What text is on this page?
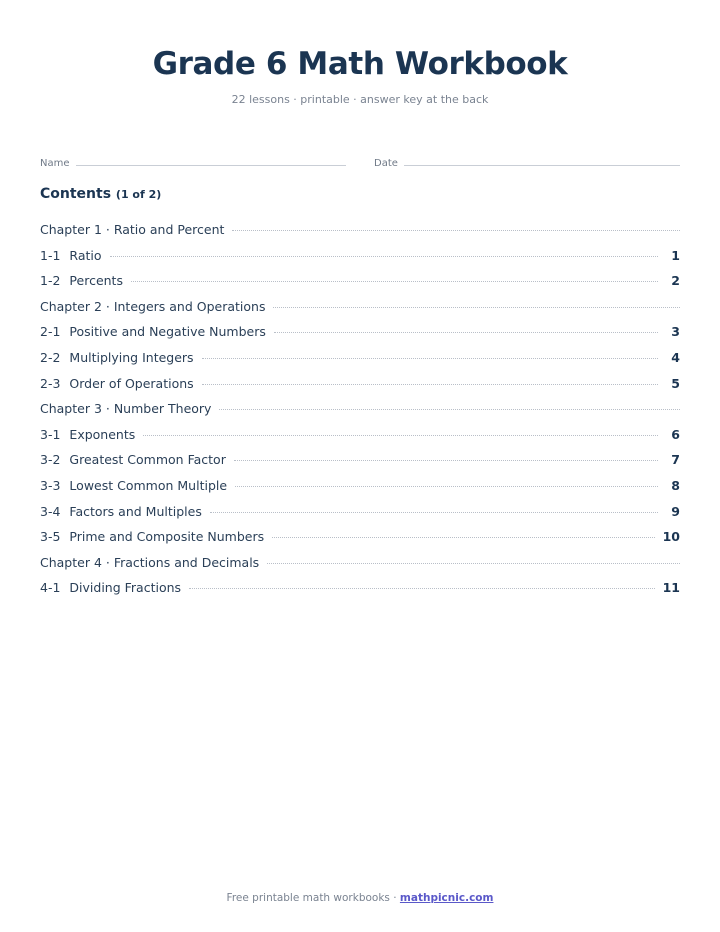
Grade 6 Math Workbook
22 lessons · printable · answer key at the back
Name	Date
Contents (1 of 2)
Chapter 1 · Ratio and Percent
1-1 Ratio	1
1-2 Percents	2
Chapter 2 · Integers and Operations
2-1 Positive and Negative Numbers	3
2-2 Multiplying Integers	4
2-3 Order of Operations	5
Chapter 3 · Number Theory
3-1 Exponents	6
3-2 Greatest Common Factor	7
3-3 Lowest Common Multiple	8
3-4 Factors and Multiples	9
3-5 Prime and Composite Numbers	10
Chapter 4 · Fractions and Decimals
4-1 Dividing Fractions	11
Free printable math workbooks · mathpicnic.com
